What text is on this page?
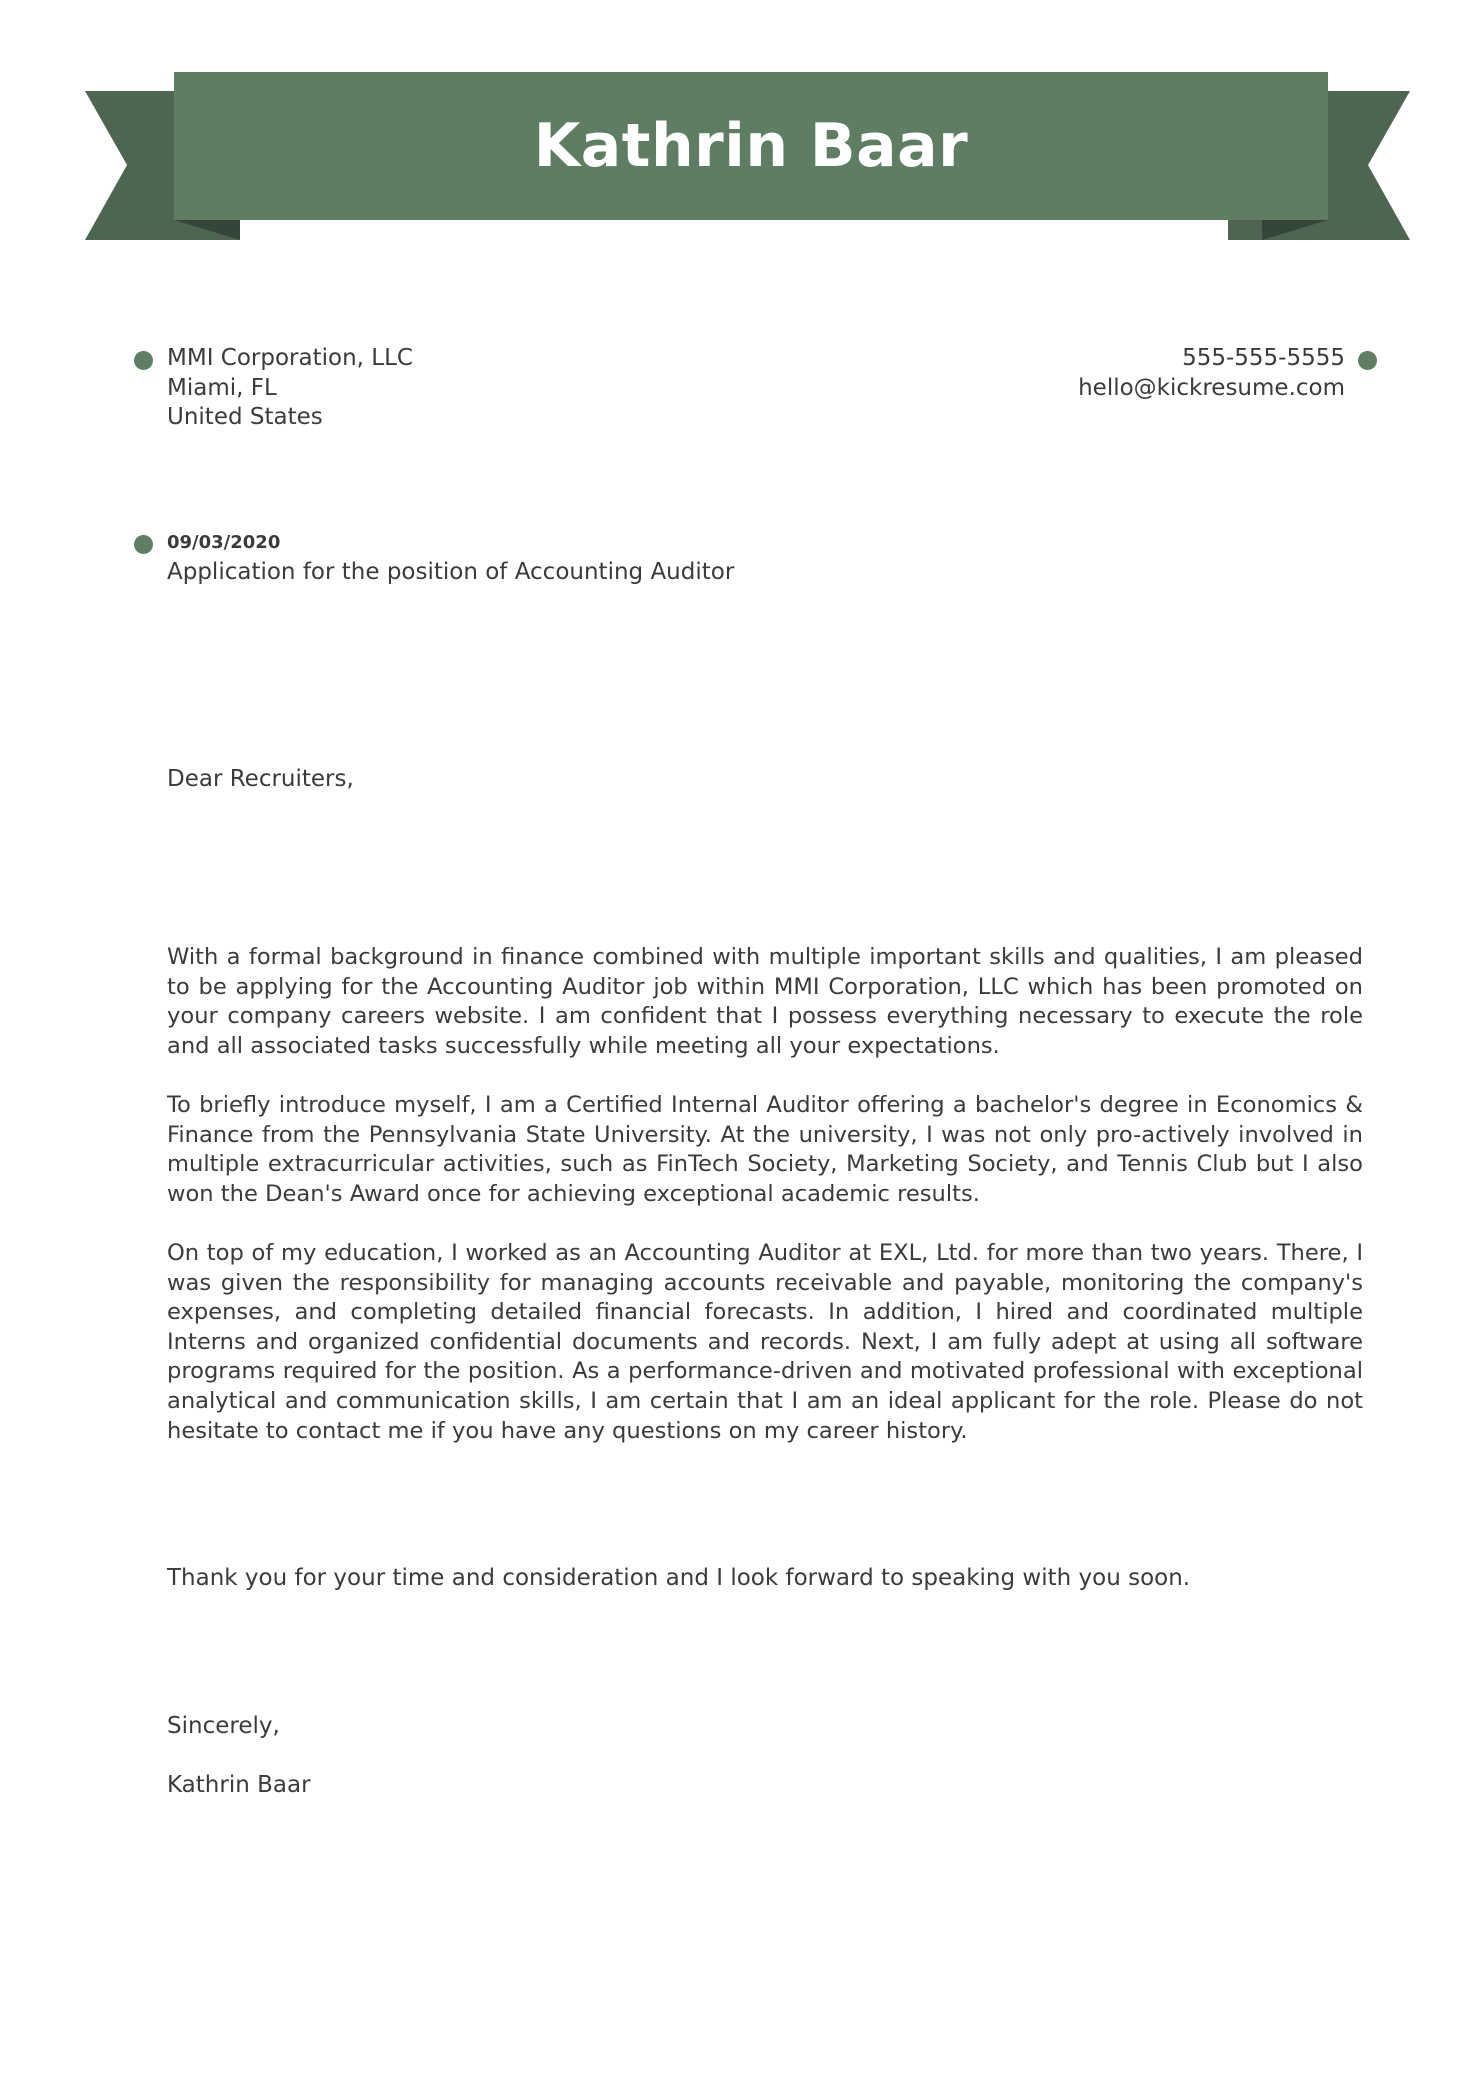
Kathrin Baar
MMI Corporation, LLC
Miami, FL
United States
555-555-5555
hello@kickresume.com
09/03/2020
Application for the position of Accounting Auditor
Dear Recruiters,
With a formal background in finance combined with multiple important skills and qualities, I am pleased to be applying for the Accounting Auditor job within MMI Corporation, LLC which has been promoted on your company careers website. I am confident that I possess everything necessary to execute the role and all associated tasks successfully while meeting all your expectations.
To briefly introduce myself, I am a Certified Internal Auditor offering a bachelor's degree in Economics & Finance from the Pennsylvania State University. At the university, I was not only pro-actively involved in multiple extracurricular activities, such as FinTech Society, Marketing Society, and Tennis Club but I also won the Dean's Award once for achieving exceptional academic results.
On top of my education, I worked as an Accounting Auditor at EXL, Ltd. for more than two years. There, I was given the responsibility for managing accounts receivable and payable, monitoring the company's expenses, and completing detailed financial forecasts. In addition, I hired and coordinated multiple Interns and organized confidential documents and records. Next, I am fully adept at using all software programs required for the position. As a performance-driven and motivated professional with exceptional analytical and communication skills, I am certain that I am an ideal applicant for the role. Please do not hesitate to contact me if you have any questions on my career history.
Thank you for your time and consideration and I look forward to speaking with you soon.
Sincerely,
Kathrin Baar
